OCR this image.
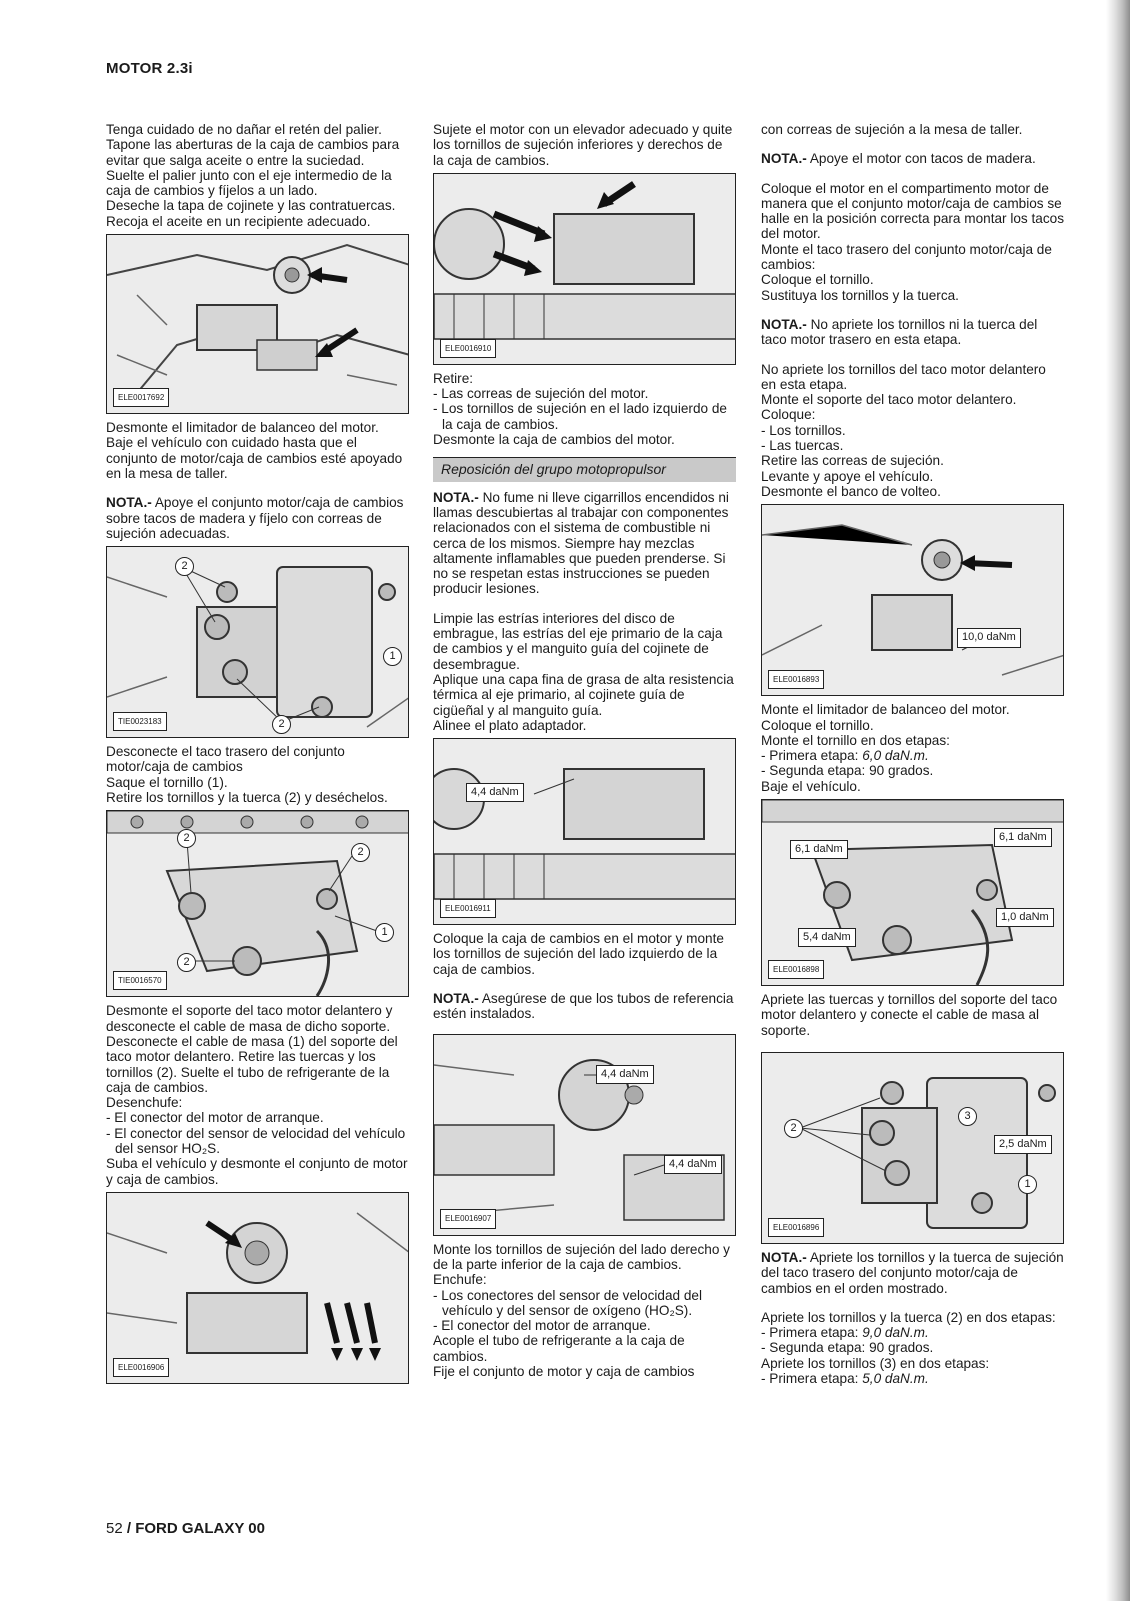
MOTOR 2.3i

Tenga cuidado de no dañar el retén del palier.

Tapone las aberturas de la caja de cambios para evitar que salga aceite o entre la suciedad.

Suelte el palier junto con el eje intermedio de la caja de cambios y fíjelos a un lado.

Deseche la tapa de cojinete y las contratuercas.

Recoja el aceite en un recipiente adecuado.

ELE0017692

Desmonte el limitador de balanceo del motor.

Baje el vehículo con cuidado hasta que el conjunto de motor/caja de cambios esté apoyado en la mesa de taller.

NOTA.- Apoye el conjunto motor/caja de cambios sobre tacos de madera y fíjelo con correas de sujeción adecuadas.

2
1
2
TIE0023183

Desconecte el taco trasero del conjunto motor/caja de cambios

Saque el tornillo (1).

Retire los tornillos y la tuerca (2) y deséchelos.

2
2
1
2
TIE0016570

Desmonte el soporte del taco motor delantero y desconecte el cable de masa de dicho soporte. Desconecte el cable de masa (1) del soporte del taco motor delantero. Retire las tuercas y los tornillos (2). Suelte el tubo de refrigerante de la caja de cambios.

Desenchufe:

- El conector del motor de arranque.
- El conector del sensor de velocidad del vehículo del sensor HO₂S.

Suba el vehículo y desmonte el conjunto de motor y caja de cambios.

ELE0016906

Sujete el motor con un elevador adecuado y quite los tornillos de sujeción inferiores y derechos de la caja de cambios.

ELE0016910

Retire:

- Las correas de sujeción del motor.
- Los tornillos de sujeción en el lado izquierdo de la caja de cambios.

Desmonte la caja de cambios del motor.

Reposición del grupo motopropulsor

NOTA.- No fume ni lleve cigarrillos encendidos ni llamas descubiertas al trabajar con componentes relacionados con el sistema de combustible ni cerca de los mismos. Siempre hay mezclas altamente inflamables que pueden prenderse. Si no se respetan estas instrucciones se pueden producir lesiones.

Limpie las estrías interiores del disco de embrague, las estrías del eje primario de la caja de cambios y el manguito guía del cojinete de desembrague.

Aplique una capa fina de grasa de alta resistencia térmica al eje primario, al cojinete guía de cigüeñal y al manguito guía.

Alinee el plato adaptador.

4,4 daNm
ELE0016911

Coloque la caja de cambios en el motor y monte los tornillos de sujeción del lado izquierdo de la caja de cambios.

NOTA.- Asegúrese de que los tubos de referencia estén instalados.

4,4 daNm
4,4 daNm
ELE0016907

Monte los tornillos de sujeción del lado derecho y de la parte inferior de la caja de cambios.

Enchufe:

- Los conectores del sensor de velocidad del vehículo y del sensor de oxígeno (HO₂S).
- El conector del motor de arranque.

Acople el tubo de refrigerante a la caja de cambios.

Fije el conjunto de motor y caja de cambios

con correas de sujeción a la mesa de taller.

NOTA.- Apoye el motor con tacos de madera.

Coloque el motor en el compartimento motor de manera que el conjunto motor/caja de cambios se halle en la posición correcta para montar los tacos del motor.

Monte el taco trasero del conjunto motor/caja de cambios:

Coloque el tornillo.

Sustituya los tornillos y la tuerca.

NOTA.- No apriete los tornillos ni la tuerca del taco motor trasero en esta etapa.

No apriete los tornillos del taco motor delantero en esta etapa.

Monte el soporte del taco motor delantero.

Coloque:

- Los tornillos.
- Las tuercas.

Retire las correas de sujeción.

Levante y apoye el vehículo.

Desmonte el banco de volteo.

10,0 daNm
ELE0016893

Monte el limitador de balanceo del motor.

Coloque el tornillo.

Monte el tornillo en dos etapas:

- Primera etapa: 6,0 daN.m.
- Segunda etapa: 90 grados.

Baje el vehículo.

6,1 daNm
6,1 daNm
1,0 daNm
5,4 daNm
ELE0016898

Apriete las tuercas y tornillos del soporte del taco motor delantero y conecte el cable de masa al soporte.

2
3
1
2,5 daNm
ELE0016896

NOTA.- Apriete los tornillos y la tuerca de sujeción del taco trasero del conjunto motor/caja de cambios en el orden mostrado.

Apriete los tornillos y la tuerca (2) en dos etapas:

- Primera etapa: 9,0 daN.m.
- Segunda etapa: 90 grados.

Apriete los tornillos (3) en dos etapas:

- Primera etapa: 5,0 daN.m.
52 / FORD GALAXY 00
